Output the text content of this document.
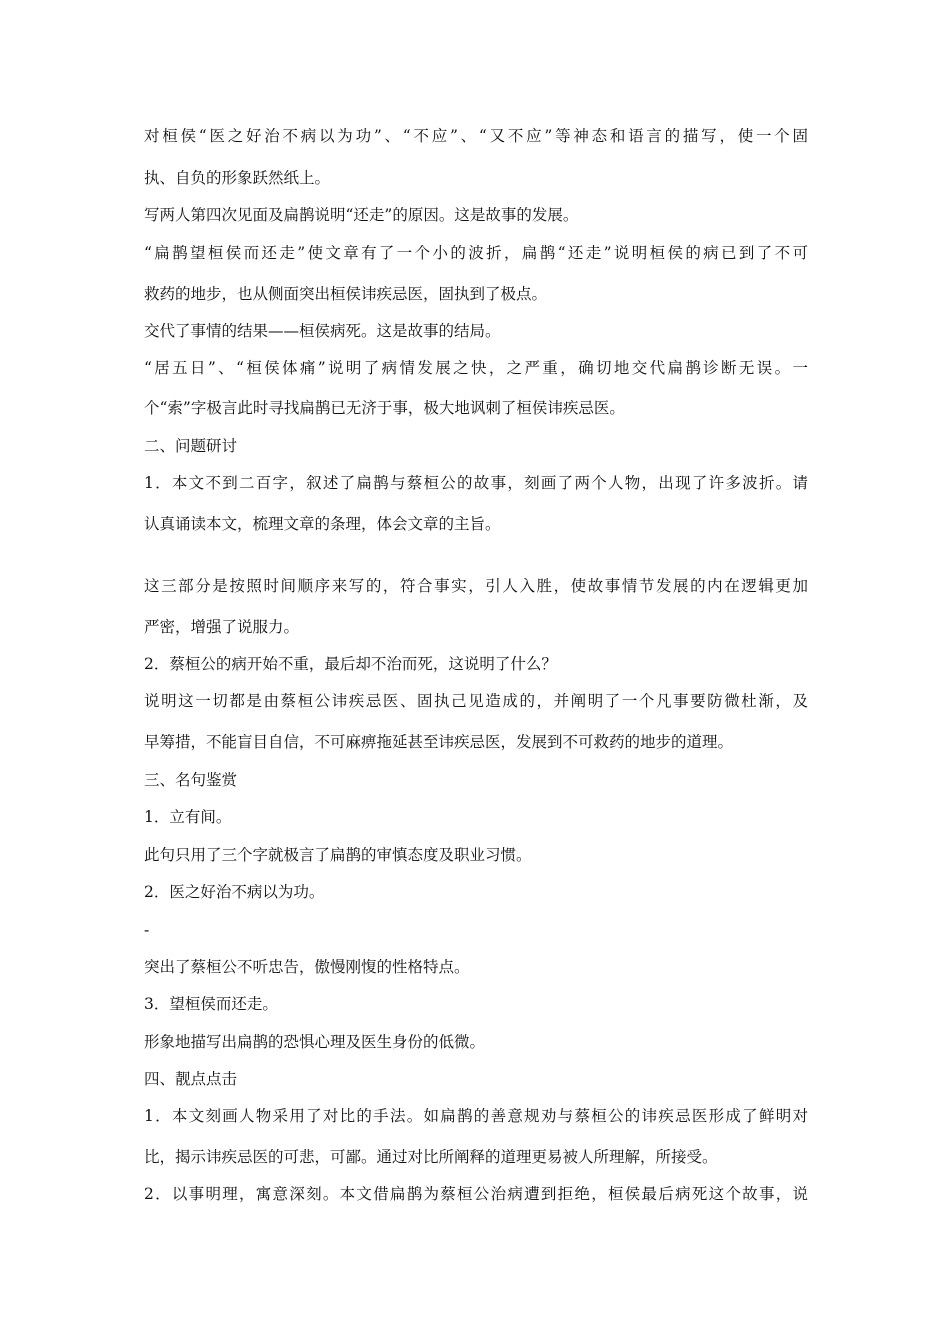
对桓侯“医之好治不病以为功”、“不应”、“又不应”等神态和语言的描写，使一个固
执、自负的形象跃然纸上。
写两人第四次见面及扁鹊说明“还走”的原因。这是故事的发展。
“扁鹊望桓侯而还走”使文章有了一个小的波折，扁鹊“还走”说明桓侯的病已到了不可
救药的地步，也从侧面突出桓侯讳疾忌医，固执到了极点。
交代了事情的结果——桓侯病死。这是故事的结局。
“居五日”、“桓侯体痛”说明了病情发展之快，之严重，确切地交代扁鹊诊断无误。一
个“索”字极言此时寻找扁鹊已无济于事，极大地讽刺了桓侯讳疾忌医。
二、问题研讨
1．本文不到二百字，叙述了扁鹊与蔡桓公的故事，刻画了两个人物，出现了许多波折。请
认真诵读本文，梳理文章的条理，体会文章的主旨。
这三部分是按照时间顺序来写的，符合事实，引人入胜，使故事情节发展的内在逻辑更加
严密，增强了说服力。
2．蔡桓公的病开始不重，最后却不治而死，这说明了什么？
说明这一切都是由蔡桓公讳疾忌医、固执己见造成的，并阐明了一个凡事要防微杜渐，及
早筹措，不能盲目自信，不可麻痹拖延甚至讳疾忌医，发展到不可救药的地步的道理。
三、名句鉴赏
1．立有间。
此句只用了三个字就极言了扁鹊的审慎态度及职业习惯。
2．医之好治不病以为功。
-
突出了蔡桓公不听忠告，傲慢刚愎的性格特点。
3．望桓侯而还走。
形象地描写出扁鹊的恐惧心理及医生身份的低微。
四、靓点点击
1．本文刻画人物采用了对比的手法。如扁鹊的善意规劝与蔡桓公的讳疾忌医形成了鲜明对
比，揭示讳疾忌医的可悲，可鄙。通过对比所阐释的道理更易被人所理解，所接受。
2．以事明理，寓意深刻。本文借扁鹊为蔡桓公治病遭到拒绝，桓侯最后病死这个故事，说
